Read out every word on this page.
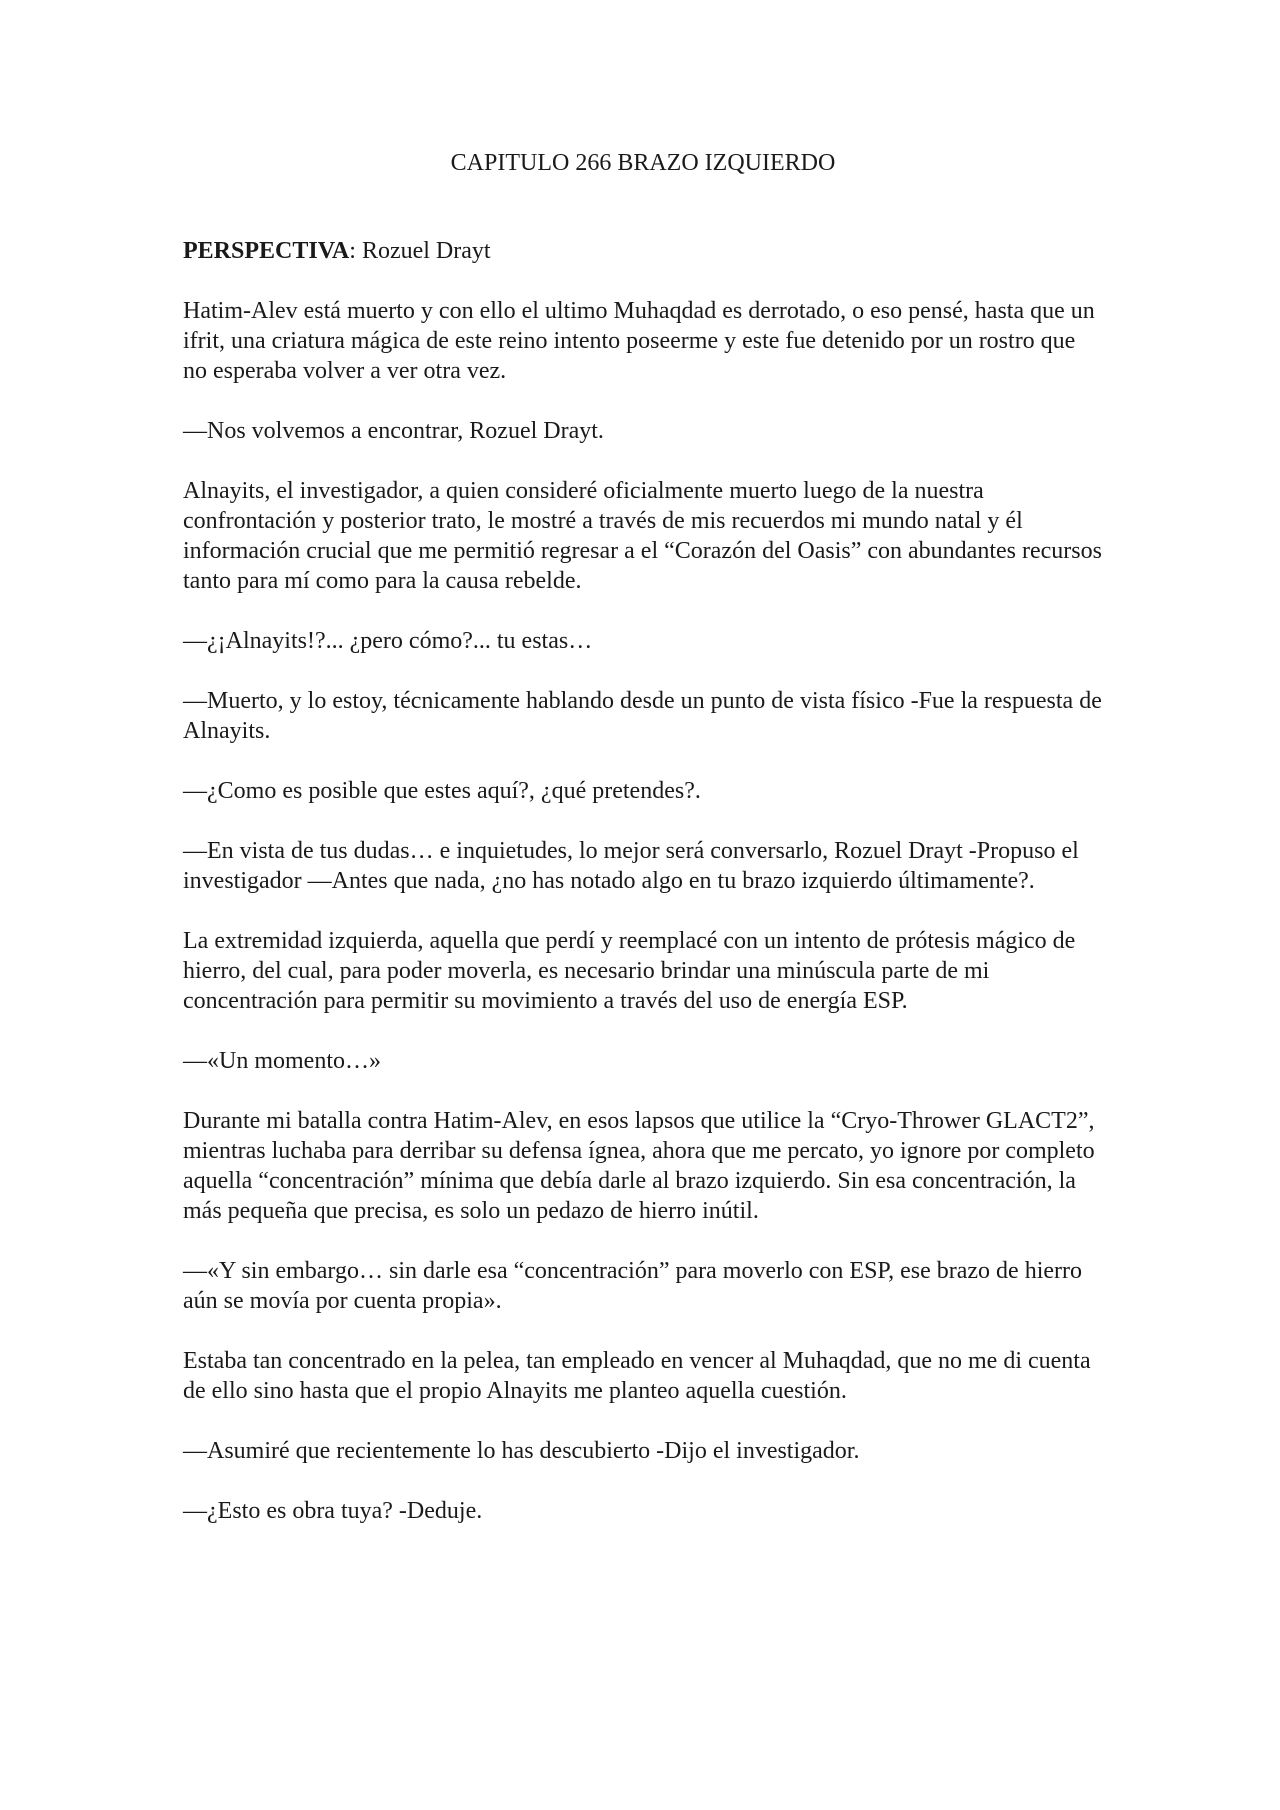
CAPITULO 266 BRAZO IZQUIERDO
PERSPECTIVA: Rozuel Drayt

Hatim-Alev está muerto y con ello el ultimo Muhaqdad es derrotado, o eso pensé, hasta que un ifrit, una criatura mágica de este reino intento poseerme y este fue detenido por un rostro que no esperaba volver a ver otra vez.

—Nos volvemos a encontrar, Rozuel Drayt.

Alnayits, el investigador, a quien consideré oficialmente muerto luego de la nuestra confrontación y posterior trato, le mostré a través de mis recuerdos mi mundo natal y él información crucial que me permitió regresar a el “Corazón del Oasis” con abundantes recursos tanto para mí como para la causa rebelde.

—¿¡Alnayits!?... ¿pero cómo?... tu estas…

—Muerto, y lo estoy, técnicamente hablando desde un punto de vista físico -Fue la respuesta de Alnayits.

—¿Como es posible que estes aquí?, ¿qué pretendes?.

—En vista de tus dudas… e inquietudes, lo mejor será conversarlo, Rozuel Drayt -Propuso el investigador —Antes que nada, ¿no has notado algo en tu brazo izquierdo últimamente?.

La extremidad izquierda, aquella que perdí y reemplacé con un intento de prótesis mágico de hierro, del cual, para poder moverla, es necesario brindar una minúscula parte de mi concentración para permitir su movimiento a través del uso de energía ESP.

—«Un momento…»

Durante mi batalla contra Hatim-Alev, en esos lapsos que utilice la “Cryo-Thrower GLACT2”, mientras luchaba para derribar su defensa ígnea, ahora que me percato, yo ignore por completo aquella “concentración” mínima que debía darle al brazo izquierdo. Sin esa concentración, la más pequeña que precisa, es solo un pedazo de hierro inútil.

—«Y sin embargo… sin darle esa “concentración” para moverlo con ESP, ese brazo de hierro aún se movía por cuenta propia».

Estaba tan concentrado en la pelea, tan empleado en vencer al Muhaqdad, que no me di cuenta de ello sino hasta que el propio Alnayits me planteo aquella cuestión.

—Asumiré que recientemente lo has descubierto -Dijo el investigador.

—¿Esto es obra tuya? -Deduje.
